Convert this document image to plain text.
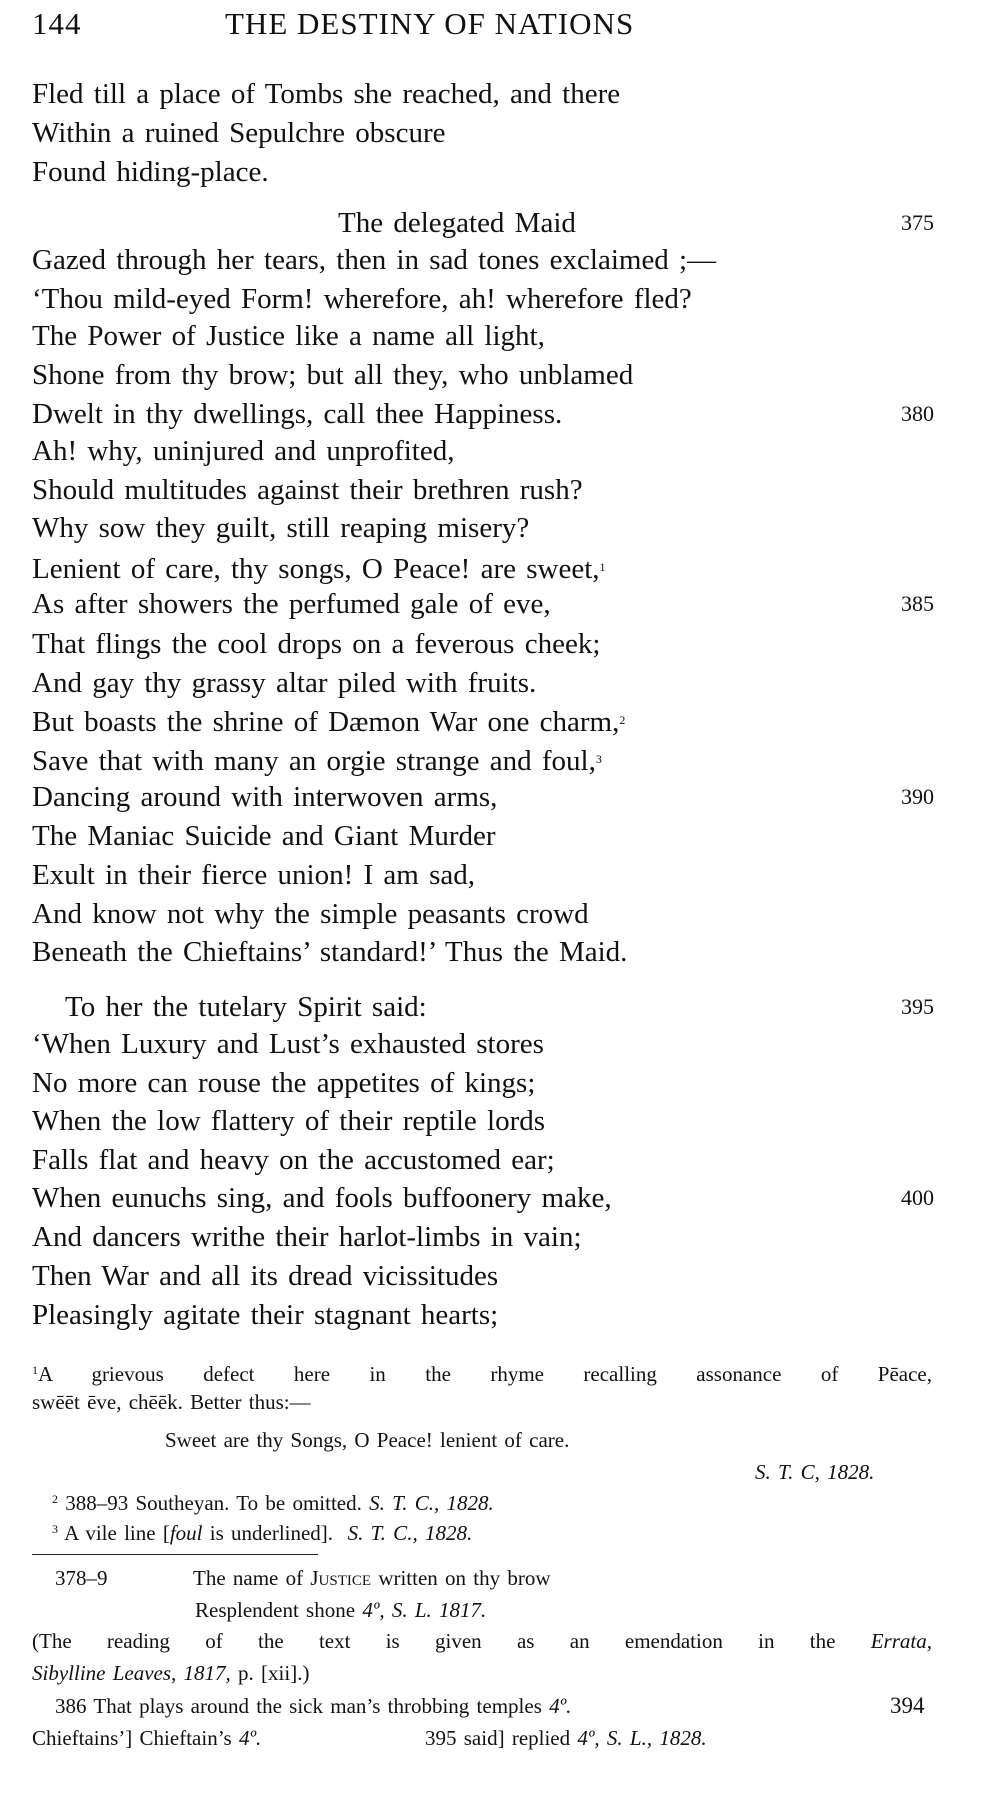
144	THE DESTINY OF NATIONS
Fled till a place of Tombs she reached, and there
Within a ruined Sepulchre obscure
Found hiding-place.
The delegated Maid	375
Gazed through her tears, then in sad tones exclaimed ;—
‘Thou mild-eyed Form! wherefore, ah! wherefore fled?
The Power of Justice like a name all light,
Shone from thy brow; but all they, who unblamed
Dwelt in thy dwellings, call thee Happiness.	380
Ah! why, uninjured and unprofited,
Should multitudes against their brethren rush?
Why sow they guilt, still reaping misery?
Lenient of care, thy songs, O Peace! are sweet,$^1$
As after showers the perfumed gale of eve,	385
That flings the cool drops on a feverous cheek;
And gay thy grassy altar piled with fruits.
But boasts the shrine of Dæmon War one charm,$^2$
Save that with many an orgie strange and foul,$^3$
Dancing around with interwoven arms,	390
The Maniac Suicide and Giant Murder
Exult in their fierce union! I am sad,
And know not why the simple peasants crowd
Beneath the Chieftains’ standard!’ Thus the Maid.
To her the tutelary Spirit said:	395
‘When Luxury and Lust’s exhausted stores
No more can rouse the appetites of kings;
When the low flattery of their reptile lords
Falls flat and heavy on the accustomed ear;
When eunuchs sing, and fools buffoonery make,	400
And dancers writhe their harlot-limbs in vain;
Then War and all its dread vicissitudes
Pleasingly agitate their stagnant hearts;
$^1$A grievous defect here in the rhyme recalling assonance of Pēace,
swēēt ēve, chēēk. Better thus:—
Sweet are thy Songs, O Peace! lenient of care.
S. T. C, 1828.
$^2$ 388–93 Southeyan. To be omitted. S. T. C., 1828.
$^3$ A vile line [foul is underlined]. S. T. C., 1828.
378–9	The name of Justice written on thy brow
Resplendent shone 4º, S. L. 1817.
(The reading of the text is given as an emendation in the Errata,
Sibylline Leaves, 1817, p. [xii].)
386 That plays around the sick man’s throbbing temples 4º.	394
Chieftains’] Chieftain’s 4º.	395 said] replied 4º, S. L., 1828.
